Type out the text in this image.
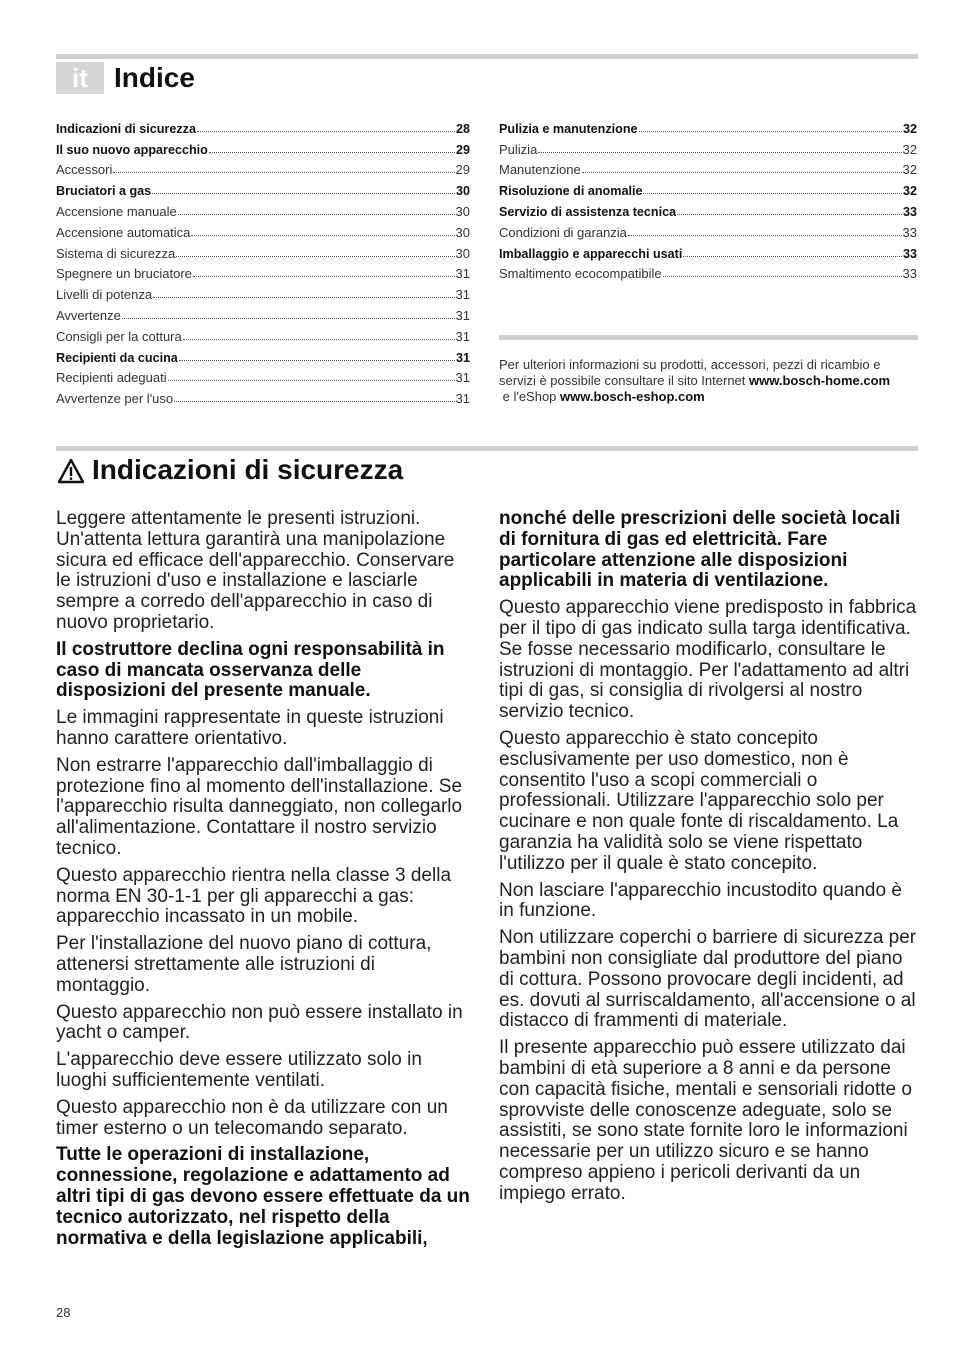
it Indice
Indicazioni di sicurezza	28
Il suo nuovo apparecchio	29
Accessori	29
Bruciatori a gas	30
Accensione manuale	30
Accensione automatica	30
Sistema di sicurezza	30
Spegnere un bruciatore	31
Livelli di potenza	31
Avvertenze	31
Consigli per la cottura	31
Recipienti da cucina	31
Recipienti adeguati	31
Avvertenze per l'uso	31
Pulizia e manutenzione	32
Pulizia	32
Manutenzione	32
Risoluzione di anomalie	32
Servizio di assistenza tecnica	33
Condizioni di garanzia	33
Imballaggio e apparecchi usati	33
Smaltimento ecocompatibile	33
Per ulteriori informazioni su prodotti, accessori, pezzi di ricambio e servizi è possibile consultare il sito Internet www.bosch-home.com e l'eShop www.bosch-eshop.com
Indicazioni di sicurezza

Leggere attentamente le presenti istruzioni. Un'attenta lettura garantirà una manipolazione sicura ed efficace dell'apparecchio. Conservare le istruzioni d'uso e installazione e lasciarle sempre a corredo dell'apparecchio in caso di nuovo proprietario.

Il costruttore declina ogni responsabilità in caso di mancata osservanza delle disposizioni del presente manuale.

Le immagini rappresentate in queste istruzioni hanno carattere orientativo.

Non estrarre l'apparecchio dall'imballaggio di protezione fino al momento dell'installazione. Se l'apparecchio risulta danneggiato, non collegarlo all'alimentazione. Contattare il nostro servizio tecnico.

Questo apparecchio rientra nella classe 3 della norma EN 30-1-1 per gli apparecchi a gas: apparecchio incassato in un mobile.

Per l'installazione del nuovo piano di cottura, attenersi strettamente alle istruzioni di montaggio.

Questo apparecchio non può essere installato in yacht o camper.

L'apparecchio deve essere utilizzato solo in luoghi sufficientemente ventilati.

Questo apparecchio non è da utilizzare con un timer esterno o un telecomando separato.

Tutte le operazioni di installazione, connessione, regolazione e adattamento ad altri tipi di gas devono essere effettuate da un tecnico autorizzato, nel rispetto della normativa e della legislazione applicabili,

nonché delle prescrizioni delle società locali di fornitura di gas ed elettricità. Fare particolare attenzione alle disposizioni applicabili in materia di ventilazione.

Questo apparecchio viene predisposto in fabbrica per il tipo di gas indicato sulla targa identificativa. Se fosse necessario modificarlo, consultare le istruzioni di montaggio. Per l'adattamento ad altri tipi di gas, si consiglia di rivolgersi al nostro servizio tecnico.

Questo apparecchio è stato concepito esclusivamente per uso domestico, non è consentito l'uso a scopi commerciali o professionali. Utilizzare l'apparecchio solo per cucinare e non quale fonte di riscaldamento. La garanzia ha validità solo se viene rispettato l'utilizzo per il quale è stato concepito.

Non lasciare l'apparecchio incustodito quando è in funzione.

Non utilizzare coperchi o barriere di sicurezza per bambini non consigliate dal produttore del piano di cottura. Possono provocare degli incidenti, ad es. dovuti al surriscaldamento, all'accensione o al distacco di frammenti di materiale.

Il presente apparecchio può essere utilizzato dai bambini di età superiore a 8 anni e da persone con capacità fisiche, mentali e sensoriali ridotte o sprovviste delle conoscenze adeguate, solo se assistiti, se sono state fornite loro le informazioni necessarie per un utilizzo sicuro e se hanno compreso appieno i pericoli derivanti da un impiego errato.

28
